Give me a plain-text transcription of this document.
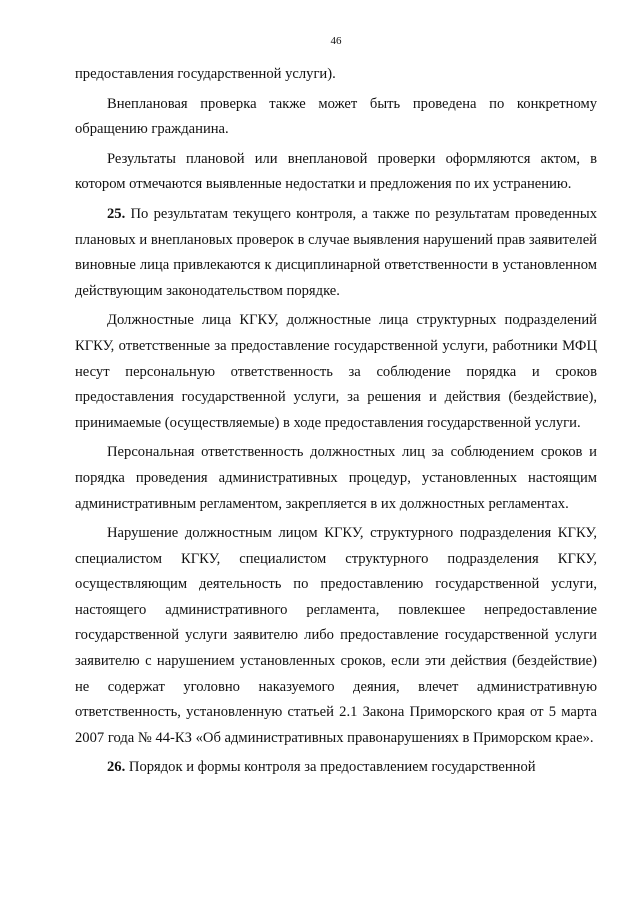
46

предоставления государственной услуги).

Внеплановая проверка также может быть проведена по конкретному обращению гражданина.

Результаты плановой или внеплановой проверки оформляются актом, в котором отмечаются выявленные недостатки и предложения по их устранению.

25. По результатам текущего контроля, а также по результатам проведенных плановых и внеплановых проверок в случае выявления нарушений прав заявителей виновные лица привлекаются к дисциплинарной ответственности в установленном действующим законодательством порядке.

Должностные лица КГКУ, должностные лица структурных подразделений КГКУ, ответственные за предоставление государственной услуги, работники МФЦ несут персональную ответственность за соблюдение порядка и сроков предоставления государственной услуги, за решения и действия (бездействие), принимаемые (осуществляемые) в ходе предоставления государственной услуги.

Персональная ответственность должностных лиц за соблюдением сроков и порядка проведения административных процедур, установленных настоящим административным регламентом, закрепляется в их должностных регламентах.

Нарушение должностным лицом КГКУ, структурного подразделения КГКУ, специалистом КГКУ, специалистом структурного подразделения КГКУ, осуществляющим деятельность по предоставлению государственной услуги, настоящего административного регламента, повлекшее непредоставление государственной услуги заявителю либо предоставление государственной услуги заявителю с нарушением установленных сроков, если эти действия (бездействие) не содержат уголовно наказуемого деяния, влечет административную ответственность, установленную статьей 2.1 Закона Приморского края от 5 марта 2007 года № 44-КЗ «Об административных правонарушениях в Приморском крае».

26. Порядок и формы контроля за предоставлением государственной
